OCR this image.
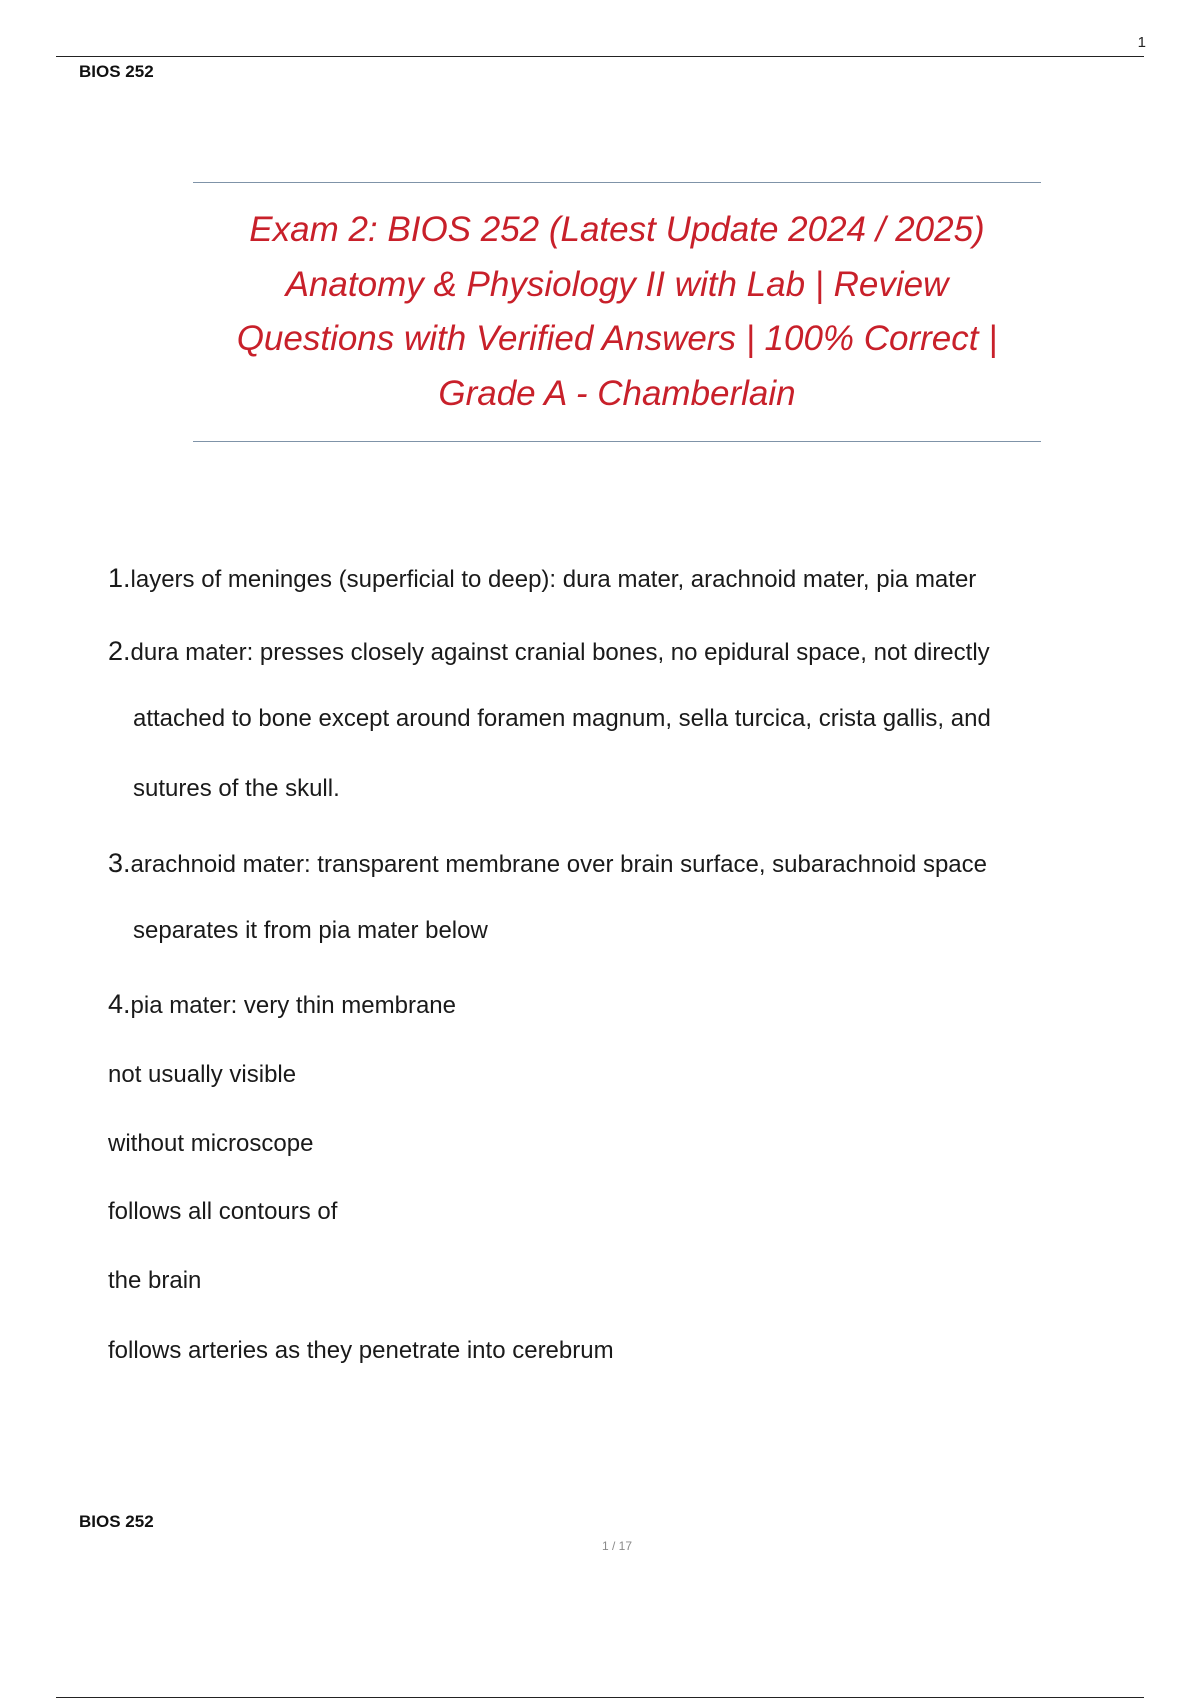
1
BIOS 252
Exam 2: BIOS 252 (Latest Update 2024 / 2025)
Anatomy & Physiology II with Lab | Review
Questions with Verified Answers | 100% Correct |
Grade A - Chamberlain
1.layers of meninges (superficial to deep): dura mater, arachnoid mater, pia mater
2.dura mater: presses closely against cranial bones, no epidural space, not directly
attached to bone except around foramen magnum, sella turcica, crista gallis, and
sutures of the skull.
3.arachnoid mater: transparent membrane over brain surface, subarachnoid space
separates it from pia mater below
4.pia mater: very thin membrane
not usually visible
without microscope
follows all contours of
the brain
follows arteries as they penetrate into cerebrum
BIOS 252
1 / 17
